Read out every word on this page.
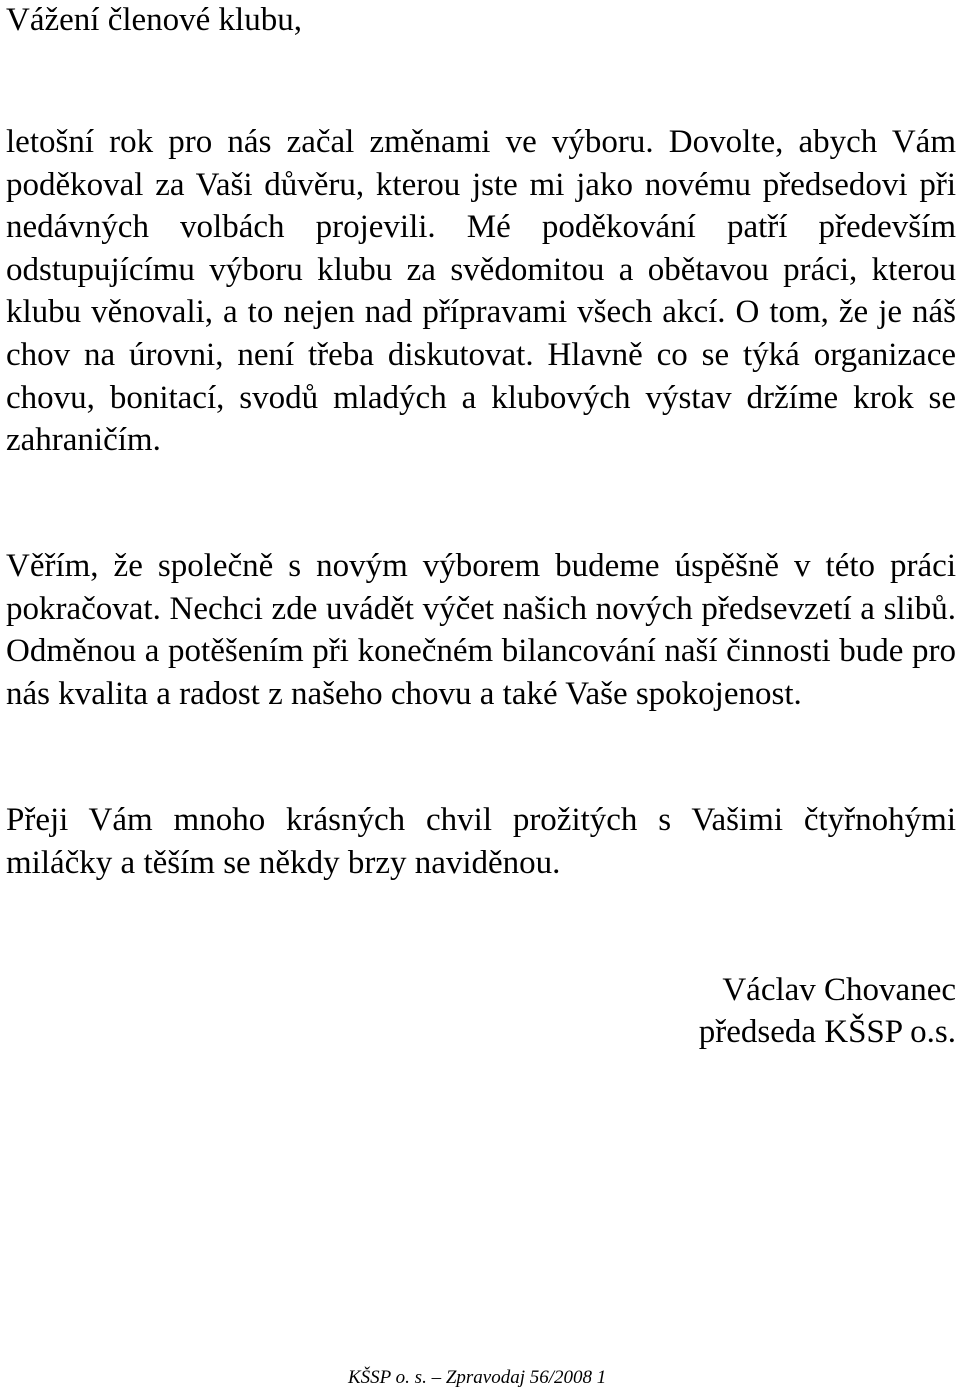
Vážení členové klubu,

letošní rok pro nás začal změnami ve výboru. Dovolte, abych Vám poděkoval za Vaši důvěru, kterou jste mi jako novému předsedovi při nedávných volbách projevili. Mé poděkování patří především odstupujícímu výboru klubu za svědomitou a obětavou práci, kterou klubu věnovali, a to nejen nad přípravami všech akcí. O tom, že je náš chov na úrovni, není třeba diskutovat. Hlavně co se týká organizace chovu, bonitací, svodů mladých a klubových výstav držíme krok se zahraničím.

Věřím, že společně s novým výborem budeme úspěšně v této práci pokračovat. Nechci zde uvádět výčet našich nových předsevzetí a slibů. Odměnou a potěšením při konečném bilancování naší činnosti bude pro nás kvalita a radost z našeho chovu a také Vaše spokojenost.

Přeji Vám mnoho krásných chvil prožitých s Vašimi čtyřnohými miláčky a těším se někdy brzy naviděnou.

Václav Chovanec
předseda KŠSP o.s.
KŠSP o. s. – Zpravodaj 56/2008 1
